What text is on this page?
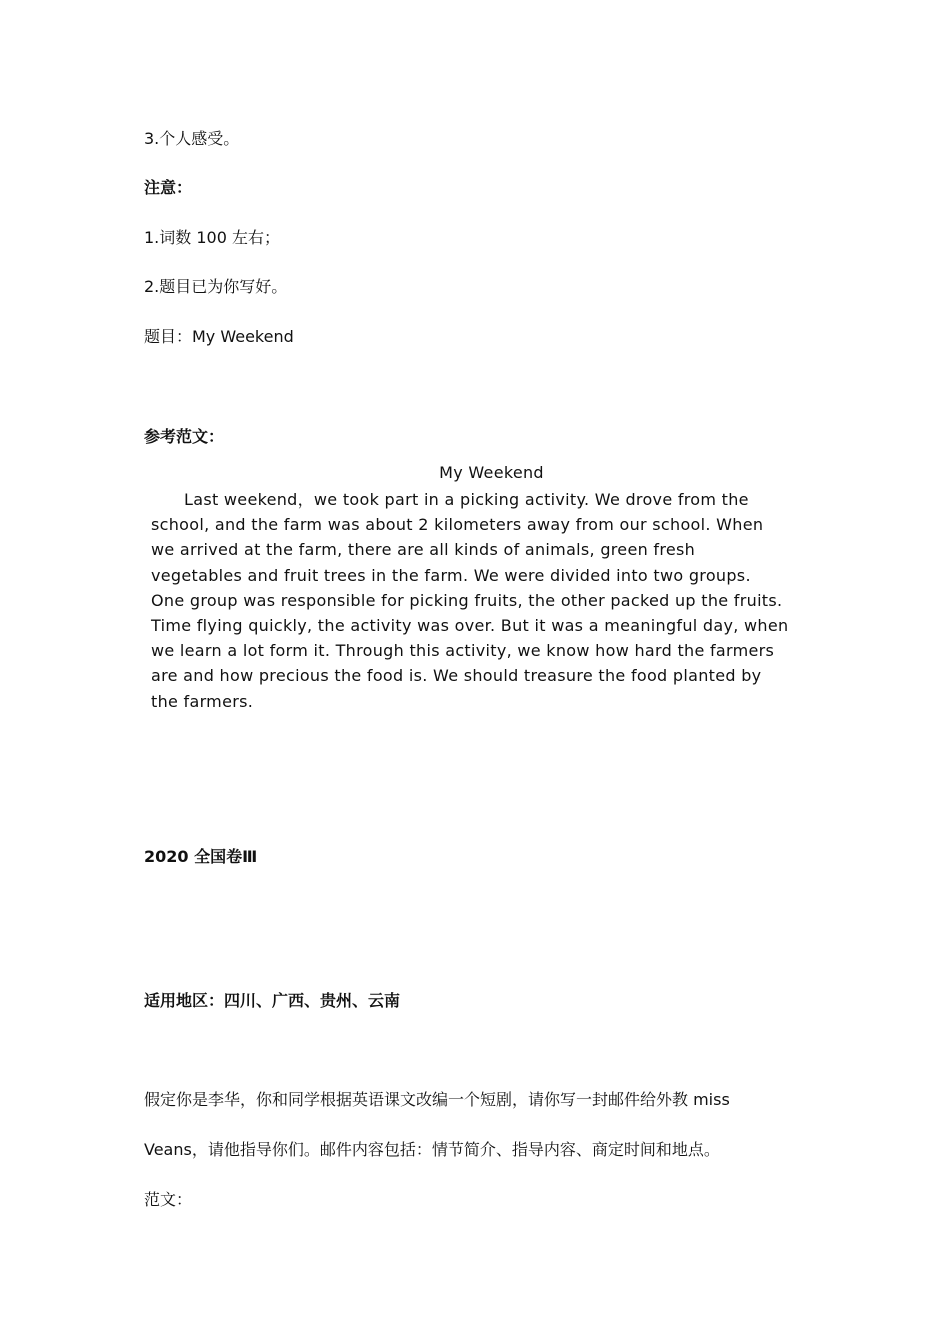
3.个人感受。
注意：
1.词数 100 左右；
2.题目已为你写好。
题目：My Weekend
参考范文：
My Weekend
Last weekend，we took part in a picking activity. We drove from the
school, and the farm was about 2 kilometers away from our school. When
we arrived at the farm, there are all kinds of animals, green fresh
vegetables and fruit trees in the farm. We were divided into two groups.
One group was responsible for picking fruits, the other packed up the fruits.
Time flying quickly, the activity was over. But it was a meaningful day, when
we learn a lot form it. Through this activity, we know how hard the farmers
are and how precious the food is. We should treasure the food planted by
the farmers.
2020 全国卷Ⅲ
适用地区：四川、广西、贵州、云南
假定你是李华，你和同学根据英语课文改编一个短剧，请你写一封邮件给外教 miss
Veans，请他指导你们。邮件内容包括：情节简介、指导内容、商定时间和地点。
范文：
